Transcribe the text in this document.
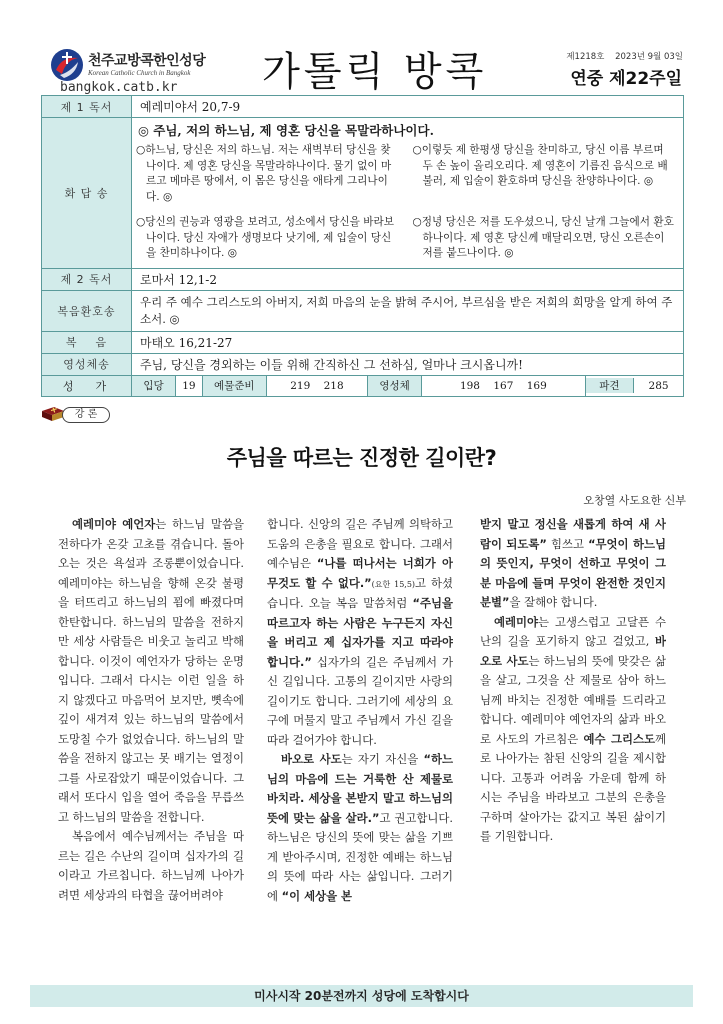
천주교방콕한인성당
Korean Catholic Church in Bangkok
bangkok.catb.kr 가톨릭 방콕	제1218호 2023년 9월 03일
연중 제22주일
제 1 독서	예레미야서 20,7-9
화 답 송	
◎ 주님, 저의 하느님, 제 영혼 당신을 목말라하나이다.
○하느님, 당신은 저의 하느님. 저는 새벽부터 당신을 찾나이다. 제 영혼 당신을 목말라하나이다. 물기 없이 마르고 메마른 땅에서, 이 몸은 당신을 애타게 그리나이다. ◎
○이렇듯 제 한평생 당신을 찬미하고, 당신 이름 부르며 두 손 높이 올리오리다. 제 영혼이 기름진 음식으로 배불러, 제 입술이 환호하며 당신을 찬양하나이다. ◎
○당신의 권능과 영광을 보려고, 성소에서 당신을 바라보나이다. 당신 자애가 생명보다 낫기에, 제 입술이 당신을 찬미하나이다. ◎
○정녕 당신은 저를 도우셨으니, 당신 날개 그늘에서 환호하나이다. 제 영혼 당신께 매달리오면, 당신 오른손이 저를 붙드나이다. ◎

제 2 독서	로마서 12,1-2
복음환호송	우리 주 예수 그리스도의 아버지, 저희 마음의 눈을 밝혀 주시어, 부르심을 받은 저희의 희망을 알게 하여 주소서. ◎
복    음	마태오 16,21-27
영성체송	주님, 당신을 경외하는 이들 위해 간직하신 그 선하심, 얼마나 크시옵니까!
성가	입당	19	예물준비	219    218	영성체	198    167    169		파견	285
강 론
주님을 따르는 진정한 길이란?
오창열 사도요한 신부

예레미야 예언자는 하느님 말씀을 전하다가 온갖 고초를 겪습니다. 돌아오는 것은 욕설과 조롱뿐이었습니다. 예레미야는 하느님을 향해 온갖 불평을 터뜨리고 하느님의 꾐에 빠졌다며 한탄합니다. 하느님의 말씀을 전하지만 세상 사람들은 비웃고 놀리고 박해합니다. 이것이 예언자가 당하는 운명입니다. 그래서 다시는 이런 일을 하지 않겠다고 마음먹어 보지만, 뼛속에 깊이 새겨져 있는 하느님의 말씀에서 도망칠 수가 없었습니다. 하느님의 말씀을 전하지 않고는 못 배기는 열정이 그를 사로잡았기 때문이었습니다. 그래서 또다시 입을 열어 죽음을 무릅쓰고 하느님의 말씀을 전합니다.

복음에서 예수님께서는 주님을 따르는 길은 수난의 길이며 십자가의 길이라고 가르칩니다. 하느님께 나아가려면 세상과의 타협을 끊어버려야

합니다. 신앙의 길은 주님께 의탁하고 도움의 은총을 필요로 합니다. 그래서 예수님은 “나를 떠나서는 너희가 아무것도 할 수 없다.”(요한 15,5)고 하셨습니다. 오늘 복음 말씀처럼 “주님을 따르고자 하는 사람은 누구든지 자신을 버리고 제 십자가를 지고 따라야 합니다.” 십자가의 길은 주님께서 가신 길입니다. 고통의 길이지만 사랑의 길이기도 합니다. 그러기에 세상의 요구에 머물지 말고 주님께서 가신 길을 따라 걸어가야 합니다.

바오로 사도는 자기 자신을 “하느님의 마음에 드는 거룩한 산 제물로 바치라. 세상을 본받지 말고 하느님의 뜻에 맞는 삶을 살라.”고 권고합니다. 하느님은 당신의 뜻에 맞는 삶을 기쁘게 받아주시며, 진정한 예배는 하느님의 뜻에 따라 사는 삶입니다. 그러기에 “이 세상을 본

받지 말고 정신을 새롭게 하여 새 사람이 되도록” 힘쓰고 “무엇이 하느님의 뜻인지, 무엇이 선하고 무엇이 그분 마음에 들며 무엇이 완전한 것인지 분별”을 잘해야 합니다.

예레미야는 고생스럽고 고달픈 수난의 길을 포기하지 않고 걸었고, 바오로 사도는 하느님의 뜻에 맞갖은 삶을 살고, 그것을 산 제물로 삼아 하느님께 바치는 진정한 예배를 드리라고 합니다. 예레미야 예언자의 삶과 바오로 사도의 가르침은 예수 그리스도께로 나아가는 참된 신앙의 길을 제시합니다. 고통과 어려움 가운데 함께 하시는 주님을 바라보고 그분의 은총을 구하며 살아가는 값지고 복된 삶이기를 기원합니다.

미사시작 20분전까지 성당에 도착합시다
